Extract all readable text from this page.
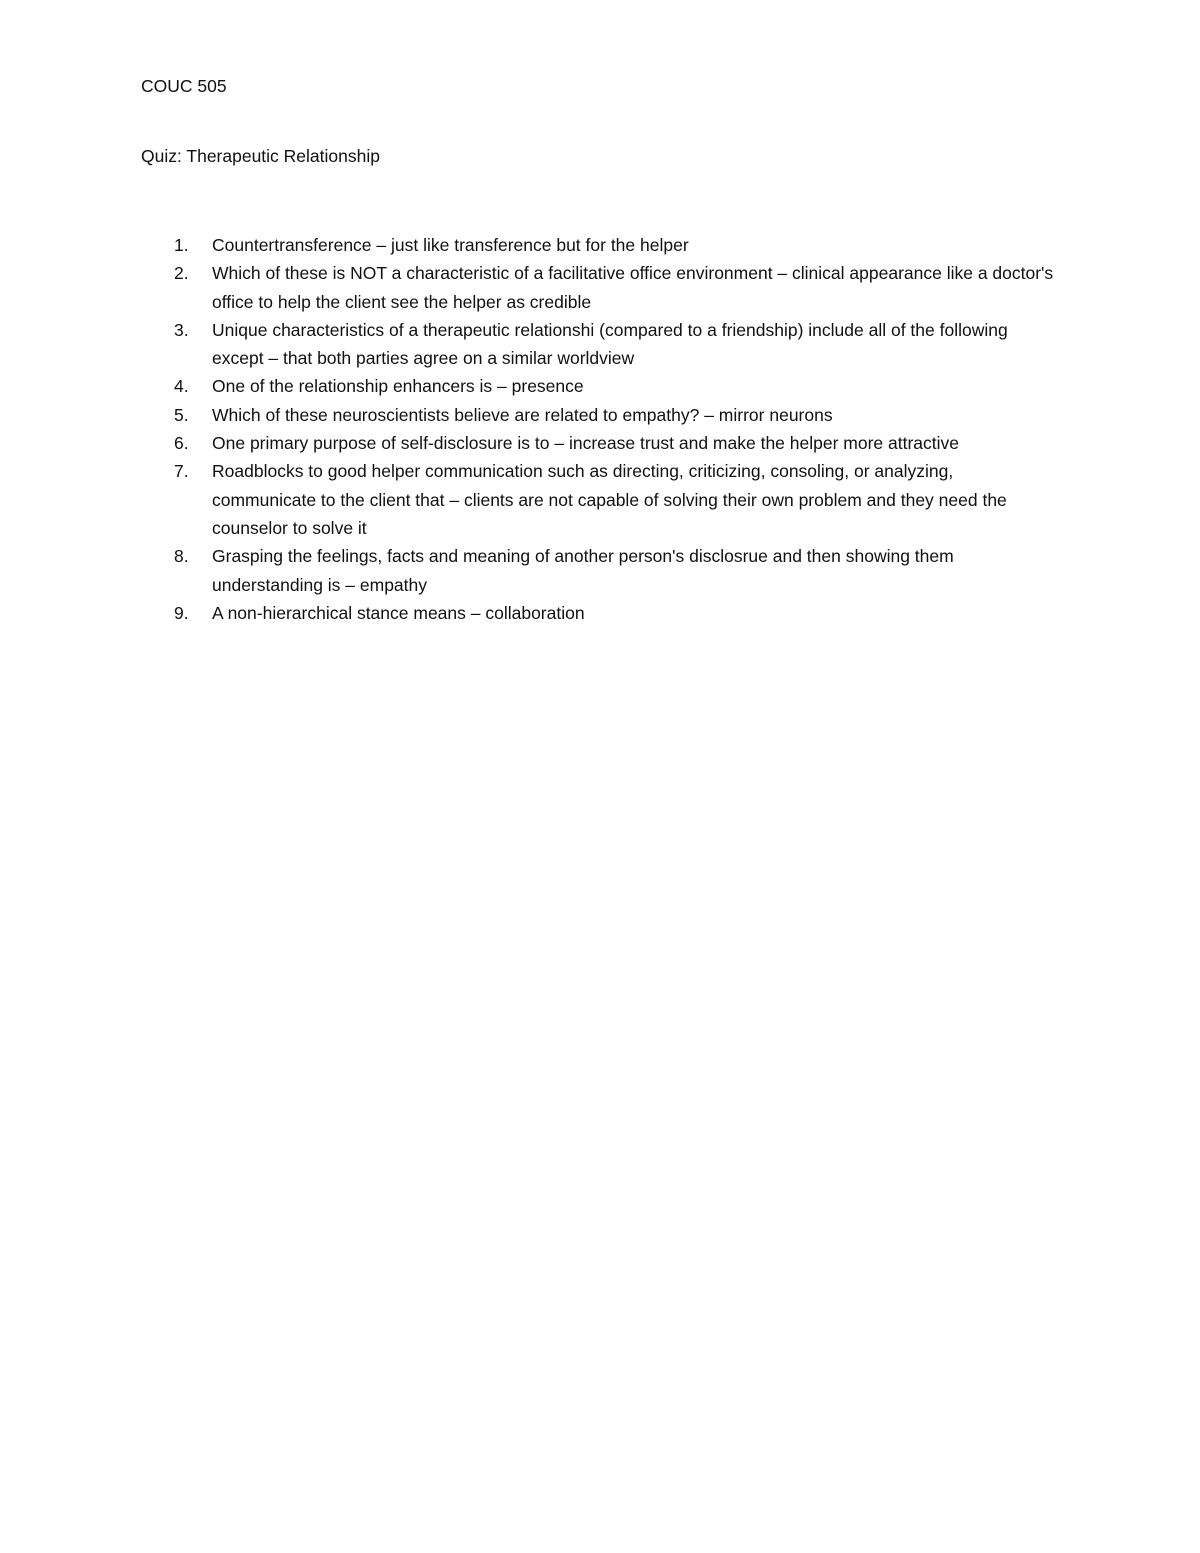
COUC 505

Quiz: Therapeutic Relationship

1. Countertransference – just like transference but for the helper
2. Which of these is NOT a characteristic of a facilitative office environment – clinical appearance like a doctor's office to help the client see the helper as credible
3. Unique characteristics of a therapeutic relationshi (compared to a friendship) include all of the following except – that both parties agree on a similar worldview
4. One of the relationship enhancers is – presence
5. Which of these neuroscientists believe are related to empathy? – mirror neurons
6. One primary purpose of self-disclosure is to – increase trust and make the helper more attractive
7. Roadblocks to good helper communication such as directing, criticizing, consoling, or analyzing, communicate to the client that – clients are not capable of solving their own problem and they need the counselor to solve it
8. Grasping the feelings, facts and meaning of another person's disclosrue and then showing them understanding is – empathy
9. A non-hierarchical stance means – collaboration
